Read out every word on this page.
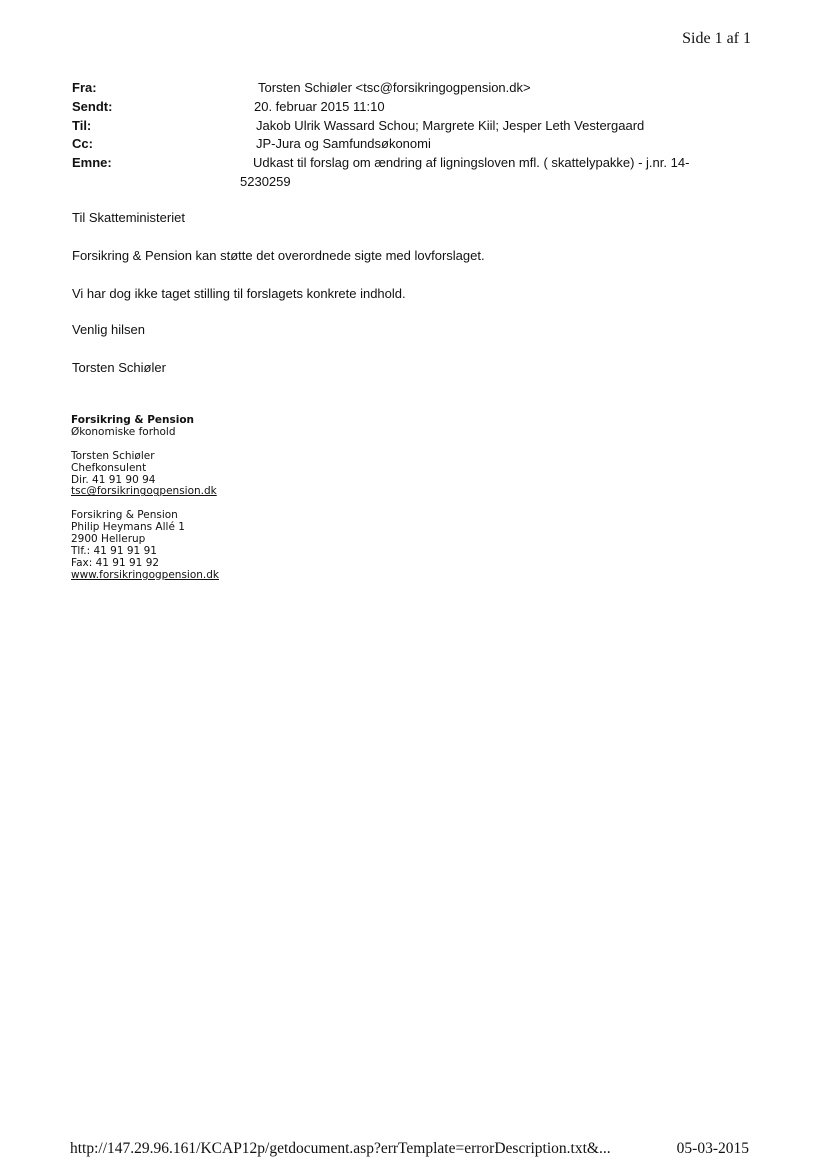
Side 1 af 1
Fra:	Torsten Schiøler <tsc@forsikringogpension.dk>
Sendt:	20. februar 2015 11:10
Til:	Jakob Ulrik Wassard Schou; Margrete Kiil; Jesper Leth Vestergaard
Cc:	JP-Jura og Samfundsøkonomi
Emne:	Udkast til forslag om ændring af ligningsloven mfl. ( skattelypakke) - j.nr. 14-
5230259
Til Skatteministeriet
Forsikring & Pension kan støtte det overordnede sigte med lovforslaget.
Vi har dog ikke taget stilling til forslagets konkrete indhold.
Venlig hilsen
Torsten Schiøler
Forsikring & Pension
Økonomiske forhold

Torsten Schiøler
Chefkonsulent
Dir. 41 91 90 94
tsc@forsikringogpension.dk

Forsikring & Pension
Philip Heymans Allé 1
2900 Hellerup
Tlf.: 41 91 91 91
Fax: 41 91 91 92
www.forsikringogpension.dk
http://147.29.96.161/KCAP12p/getdocument.asp?errTemplate=errorDescription.txt&...	05-03-2015
